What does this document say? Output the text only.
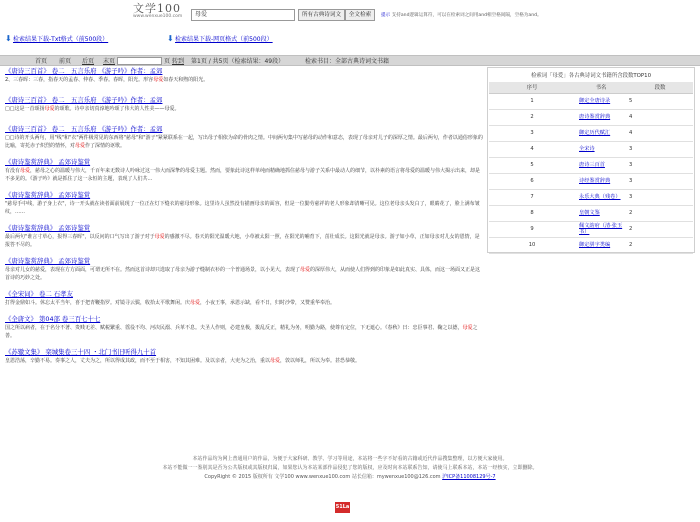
文学100
www.wenxue100.com	母爱	所有古典诗词文	全文检索	提示 支持and逻辑运算符，可以在检索词之间用and相空格间隔，空格为and。
⬇检索结果下载-Txt格式（前500段）	⬇检索结果下载-网页格式（前500段）
首页 前页 后页 末页	页 转到 第1页 / 共5页（检索结果：49段）	检索书目： 全部古典诗词文书籍
《唐诗三百首》 卷二　五言乐府 《游子吟》作者：孟郊
2、三春晖：三春，指春天的孟春、仲春、季春。春晖，阳光。形容母爱如春天和煦的阳光。
《唐诗三百首》 卷二　五言乐府 《游子吟》作者：孟郊
□□这是一首颂扬母爱的颂歌。诗中亲切真淳地吟颂了伟大的人性美——母爱。
《唐诗三百首》 卷二　五言乐府 《游子吟》作者：孟郊
□□诗的开头两句，用"线"和"衣"两件极常见的东西将"慈母"和"游子"紧紧联系在一起，写出母子相依为命的骨肉之情。中间两句集中写慈母的动作和意态，表现了母亲对儿子的深厚之情。最后两句，作者以通俗形象的比喻，寄托赤子炽烈的情怀，对母爱作了深情的讴歌。
《唐诗鉴赏辞典》 孟郊诗鉴赏
有没有母爱，慈母之心的温暖与伟大，千百年来无数诗人吟咏过这一伟大而深挚的母爱主题。然而，要象此诗这样单纯而精确地抓住慈母与游子关系中最动人的细节，以朴素的语言将母爱的温暖与伟大揭示出来，却是不多见的。《游子吟》就是抓住了这一永恒的主题，表现了人们共...
《唐诗鉴赏辞典》 孟郊诗鉴赏
"慈母手中线，游子身上衣"，诗一开头就在读者面前展现了一位正在灯下缝衣的慈母形象。这里诗人虽然没有描画母亲的面容，但是一位勤劳慈祥的老人形象却清晰可见。这位老母亲头发白了，眼睛花了，脸上满布皱纹，……
《唐诗鉴赏辞典》 孟郊诗鉴赏
最后两句"谁言寸草心，报得三春晖"，以反问的口气写出了游子对于母爱的感激不尽。春天的阳光温暖大地，小草被太阳一照，在阳光的哺育下，茁壮成长。这阳光就是母亲。游子如小草，正如母亲对儿女的恩情，是报答不尽的。
《唐诗鉴赏辞典》 孟郊诗鉴赏
母亲对儿女的慈爱，表现在方方面面，可谓无所不在。然而这首诗却只选取了母亲为游子缝制衣衫的一个普通场景，以小见大，表现了母爱的深厚伟大，从而使人们得到的印象是如此真实、具体，而这一场面又正是这首诗的巧妙之处。
《全宋词》 卷二 石孝友
打得金鼎如斗。休忘太平当年，喜于把青鞭指罗。对镜寻云鬓，收拾太平歌舞闲。庆母爱，小夜王事，承恩示缺，看不日，归时沙带，又赞重华奉治。
《全唐文》 第04部 卷三百七十七
国之所以病者，在于名分不著、贵贱无差、赋税繁重、徭役不均、河决民溺、兵革不息。夫圣人作则，必建皇极，拨乱反正，精礼为务，明勤为路，使尊有定位，下无遮心。《春秋》曰：忠臣事君、鞠之以德，母爱之善。
《苏辙文集》 栾城集卷三十四 ・北门书旧听得九十首
皇恩浩荡，辛勤不易。奏事之人，丈夫为之，所以得成其政，而不至于相害，不知其困难。及以亲者，大吏为之治，重以母爱，敦以师礼，所以为奉。甚恐恭敬。
检索词「母爱」各古典诗词文书籍所含段数TOP10
序号	书名	段数
1	御定全唐诗录	5
2	唐诗鉴赏辞典	4
3	御定历代赋汇	4
4	全宋诗	3
5	唐诗三百首	3
6	诗经鉴赏辞典	3
7	永乐大典（残卷）	3
8	皇朝文鉴	2
9	佩文韵府（清·张玉书）	2
10	御定骈字类编	2

本站作品均为网上普通用户的作品，为便于大家科研、教学、学习等用途，本站将一些字不好看的古籍或近代作品搜集整理，以方便大家使用。

本站不能做一一鉴别其是否为公共版权或其版权归属，如果您认为本站某部作品侵犯了您的版权，应及时向本站联系告知，请使马上联系本站，本站一经核实，立即删除。

CopyRight © 2015 版权所有 文学100 www.wenxue100.com 站长信箱：mywenxue100@126.com 沪ICP备11008129号-7

51La
